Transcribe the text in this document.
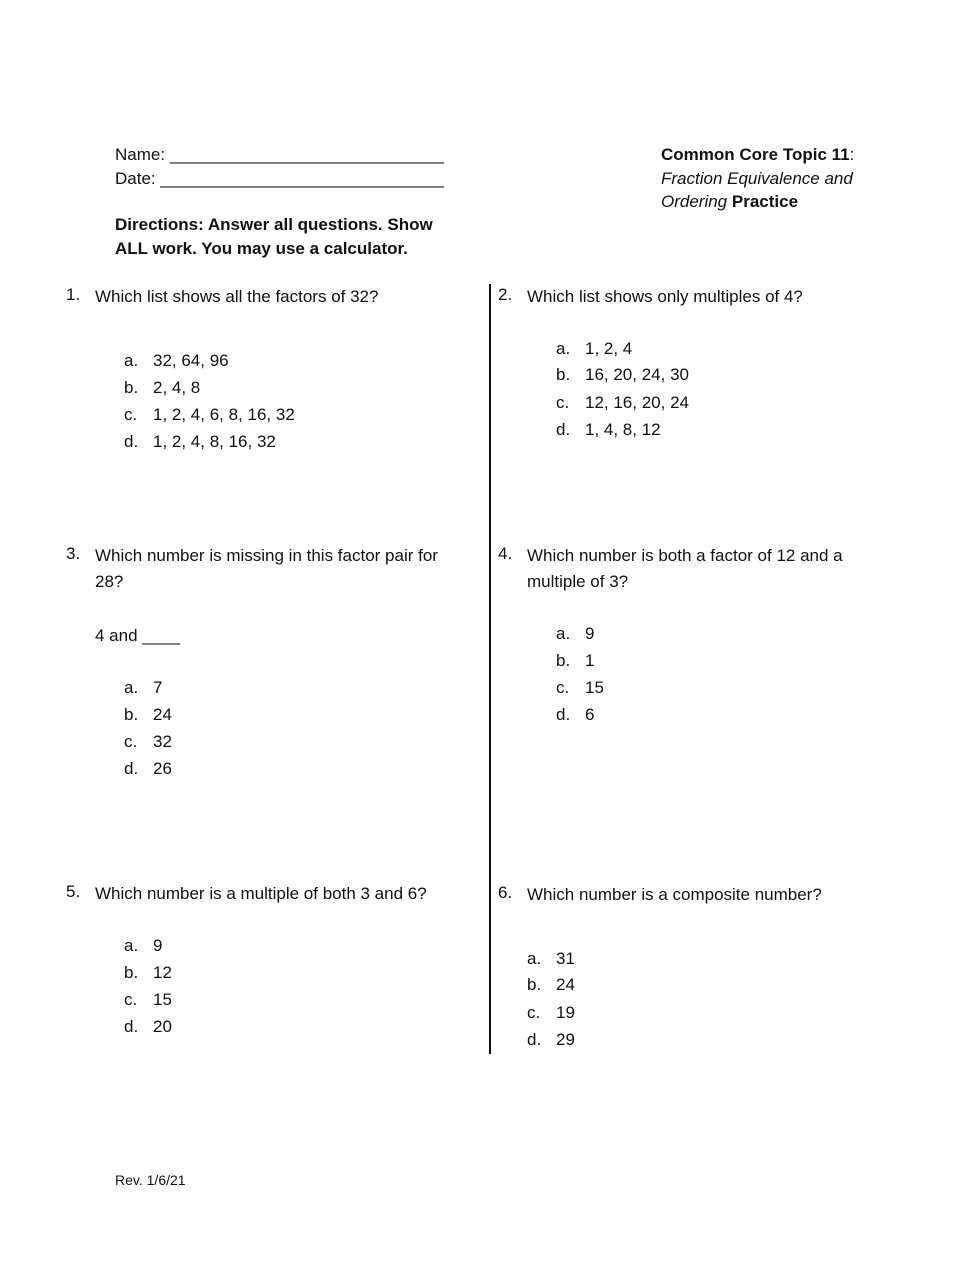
Name: _____________________________
Date: ______________________________
Directions: Answer all questions. Show
ALL work. You may use a calculator.
Common Core Topic 11:
Fraction Equivalence and
Ordering Practice
1. Which list shows all the factors of 32?
a. 32, 64, 96
b. 2, 4, 8
c. 1, 2, 4, 6, 8, 16, 32
d. 1, 2, 4, 8, 16, 32
2. Which list shows only multiples of 4?
a. 1, 2, 4
b. 16, 20, 24, 30
c. 12, 16, 20, 24
d. 1, 4, 8, 12
3. Which number is missing in this factor pair for
28?
4 and ____
a. 7
b. 24
c. 32
d. 26
4. Which number is both a factor of 12 and a
multiple of 3?
a. 9
b. 1
c. 15
d. 6
5. Which number is a multiple of both 3 and 6?
a. 9
b. 12
c. 15
d. 20
6. Which number is a composite number?
a. 31
b. 24
c. 19
d. 29
Rev. 1/6/21
